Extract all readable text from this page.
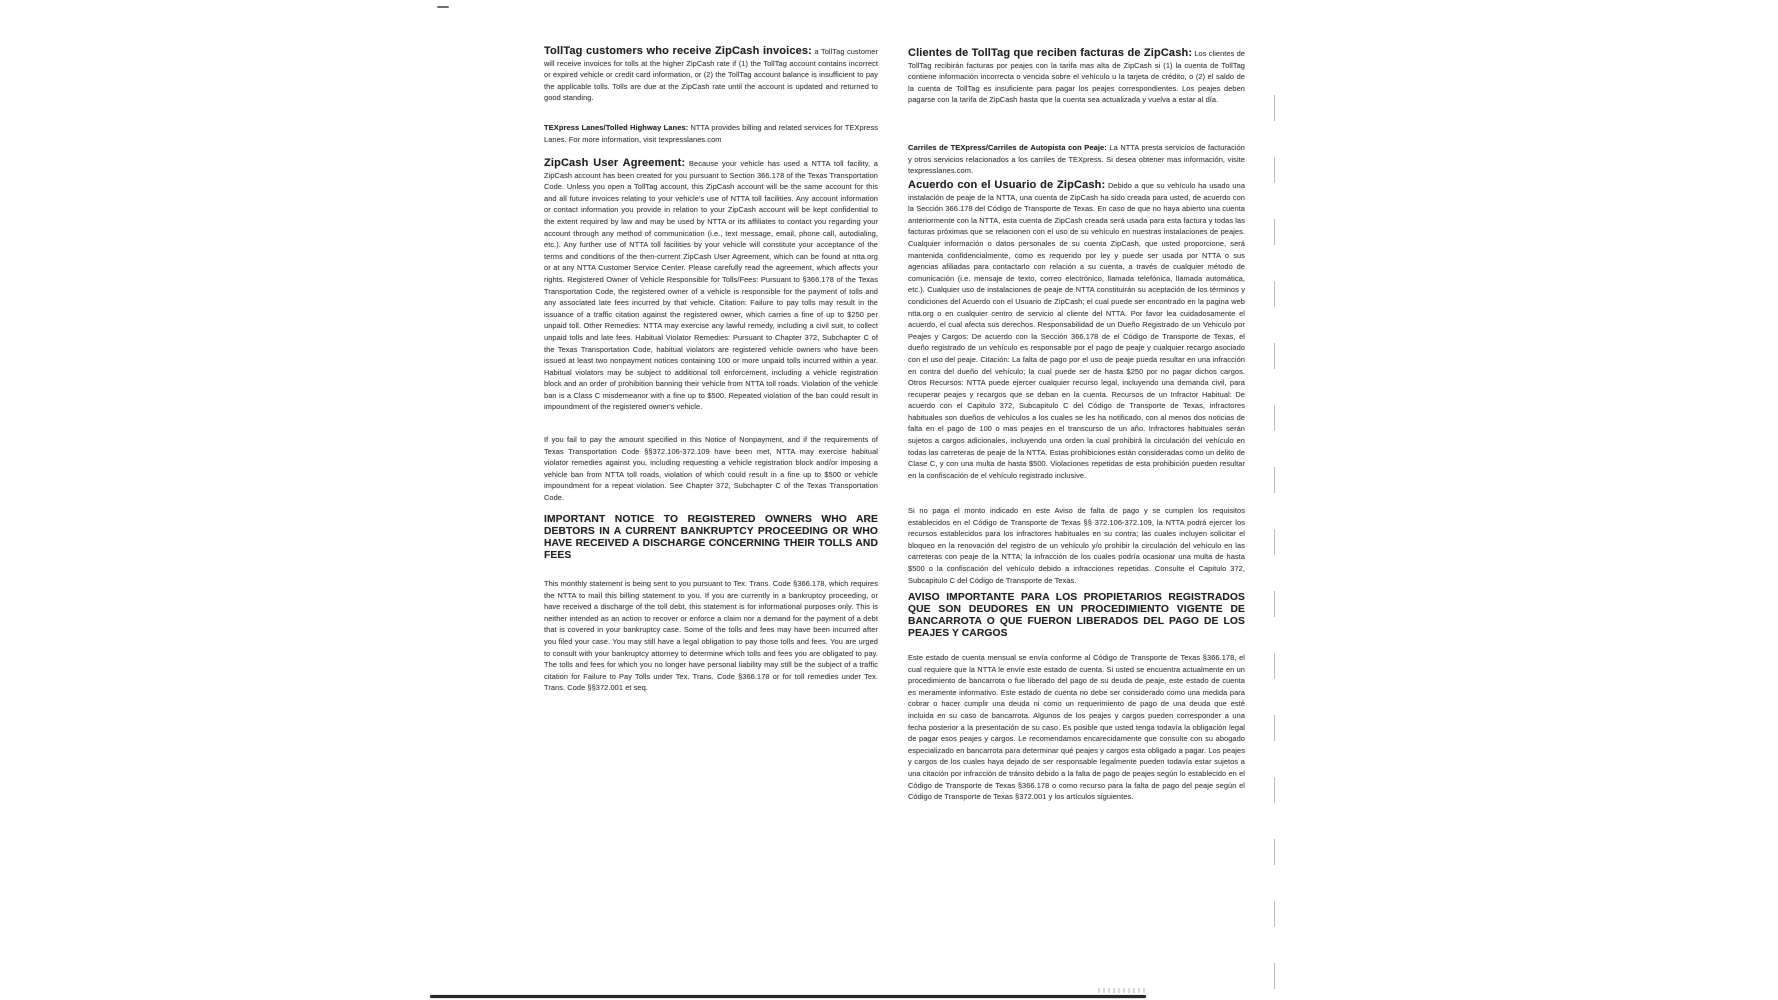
TollTag customers who receive ZipCash invoices: a TollTag customer will receive invoices for tolls at the higher ZipCash rate if (1) the TollTag account contains incorrect or expired vehicle or credit card information, or (2) the TollTag account balance is insufficient to pay the applicable tolls. Tolls are due at the ZipCash rate until the account is updated and returned to good standing.

TEXpress Lanes/Tolled Highway Lanes: NTTA provides billing and related services for TEXpress Lanes. For more information, visit texpresslanes.com

ZipCash User Agreement: Because your vehicle has used a NTTA toll facility, a ZipCash account has been created for you pursuant to Section 366.178 of the Texas Transportation Code. Unless you open a TollTag account, this ZipCash account will be the same account for this and all future invoices relating to your vehicle's use of NTTA toll facilities. Any account information or contact information you provide in relation to your ZipCash account will be kept confidential to the extent required by law and may be used by NTTA or its affiliates to contact you regarding your account through any method of communication (i.e., text message, email, phone call, autodialing, etc.). Any further use of NTTA toll facilities by your vehicle will constitute your acceptance of the terms and conditions of the then-current ZipCash User Agreement, which can be found at ntta.org or at any NTTA Customer Service Center. Please carefully read the agreement, which affects your rights. Registered Owner of Vehicle Responsible for Tolls/Fees: Pursuant to §366.178 of the Texas Transportation Code, the registered owner of a vehicle is responsible for the payment of tolls and any associated late fees incurred by that vehicle. Citation: Failure to pay tolls may result in the issuance of a traffic citation against the registered owner, which carries a fine of up to $250 per unpaid toll. Other Remedies: NTTA may exercise any lawful remedy, including a civil suit, to collect unpaid tolls and late fees. Habitual Violator Remedies: Pursuant to Chapter 372, Subchapter C of the Texas Transportation Code, habitual violators are registered vehicle owners who have been issued at least two nonpayment notices containing 100 or more unpaid tolls incurred within a year. Habitual violators may be subject to additional toll enforcement, including a vehicle registration block and an order of prohibition banning their vehicle from NTTA toll roads. Violation of the vehicle ban is a Class C misdemeanor with a fine up to $500. Repeated violation of the ban could result in impoundment of the registered owner's vehicle.

If you fail to pay the amount specified in this Notice of Nonpayment, and if the requirements of Texas Transportation Code §§372.106-372.109 have been met, NTTA may exercise habitual violator remedies against you, including requesting a vehicle registration block and/or imposing a vehicle ban from NTTA toll roads, violation of which could result in a fine up to $500 or vehicle impoundment for a repeat violation. See Chapter 372, Subchapter C of the Texas Transportation Code.

IMPORTANT NOTICE TO REGISTERED OWNERS WHO ARE DEBTORS IN A CURRENT BANKRUPTCY PROCEEDING OR WHO HAVE RECEIVED A DISCHARGE CONCERNING THEIR TOLLS AND FEES

This monthly statement is being sent to you pursuant to Tex. Trans. Code §366.178, which requires the NTTA to mail this billing statement to you. If you are currently in a bankruptcy proceeding, or have received a discharge of the toll debt, this statement is for informational purposes only. This is neither intended as an action to recover or enforce a claim nor a demand for the payment of a debt that is covered in your bankruptcy case. Some of the tolls and fees may have been incurred after you filed your case. You may still have a legal obligation to pay those tolls and fees. You are urged to consult with your bankruptcy attorney to determine which tolls and fees you are obligated to pay. The tolls and fees for which you no longer have personal liability may still be the subject of a traffic citation for Failure to Pay Tolls under Tex. Trans. Code §366.178 or for toll remedies under Tex. Trans. Code §§372.001 et seq.

Clientes de TollTag que reciben facturas de ZipCash: Los clientes de TollTag recibirán facturas por peajes con la tarifa mas alta de ZipCash si (1) la cuenta de TollTag contiene información incorrecta o vencida sobre el vehículo u la tarjeta de crédito, o (2) el saldo de la cuenta de TollTag es insuficiente para pagar los peajes correspondientes. Los peajes deben pagarse con la tarifa de ZipCash hasta que la cuenta sea actualizada y vuelva a estar al día.

Carriles de TEXpress/Carriles de Autopista con Peaje: La NTTA presta servicios de facturación y otros servicios relacionados a los carriles de TEXpress. Si desea obtener mas información, visite texpresslanes.com.

Acuerdo con el Usuario de ZipCash: Debido a que su vehículo ha usado una instalación de peaje de la NTTA, una cuenta de ZipCash ha sido creada para usted, de acuerdo con la Sección 366.178 del Código de Transporte de Texas. En caso de que no haya abierto una cuenta anteriormente con la NTTA, esta cuenta de ZipCash creada será usada para esta factura y todas las facturas próximas que se relacionen con el uso de su vehículo en nuestras instalaciones de peajes. Cualquier información o datos personales de su cuenta ZipCash, que usted proporcione, será mantenida confidencialmente, como es requerido por ley y puede ser usada por NTTA o sus agencias afiliadas para contactarlo con relación a su cuenta, a través de cualquier método de comunicación (i.e. mensaje de texto, correo electrónico, llamada telefónica, llamada automática, etc.). Cualquier uso de instalaciones de peaje de NTTA constituirán su aceptación de los términos y condiciones del Acuerdo con el Usuario de ZipCash; el cual puede ser encontrado en la pagina web ntta.org o en cualquier centro de servicio al cliente del NTTA. Por favor lea cuidadosamente el acuerdo, el cual afecta sus derechos. Responsabilidad de un Dueño Registrado de un Vehiculo por Peajes y Cargos: De acuerdo con la Sección 366.178 de el Código de Transporte de Texas, el dueño registrado de un vehículo es responsable por el pago de peaje y cualquier recargo asociado con el uso del peaje. Citación: La falta de pago por el uso de peaje pueda resultar en una infracción en contra del dueño del vehículo; la cual puede ser de hasta $250 por no pagar dichos cargos. Otros Recursos: NTTA puede ejercer cualquier recurso legal, incluyendo una demanda civil, para recuperar peajes y recargos que se deban en la cuenta. Recursos de un Infractor Habitual: De acuerdo con el Capitulo 372, Subcapitulo C del Código de Transporte de Texas, infractores habituales son dueños de vehículos a los cuales se les ha notificado, con al menos dos noticias de falta en el pago de 100 o mas peajes en el transcurso de un año. Infractores habituales serán sujetos a cargos adicionales, incluyendo una orden la cual prohibirá la circulación del vehículo en todas las carreteras de peaje de la NTTA. Estas prohibiciones están consideradas como un delito de Clase C, y con una multa de hasta $500. Violaciones repetidas de esta prohibición pueden resultar en la confiscación de el vehículo registrado inclusive.

Si no paga el monto indicado en este Aviso de falta de pago y se cumplen los requisitos establecidos en el Código de Transporte de Texas §§ 372.106-372.109, la NTTA podrá ejercer los recursos establecidos para los infractores habituales en su contra; las cuales incluyen solicitar el bloqueo en la renovación del registro de un vehículo y/o prohibir la circulación del vehículo en las carreteras con peaje de la NTTA; la infracción de los cuales podría ocasionar una multa de hasta $500 o la confiscación del vehículo debido a infracciones repetidas. Consulte el Capitulo 372, Subcapitulo C del Código de Transporte de Texas.

AVISO IMPORTANTE PARA LOS PROPIETARIOS REGISTRADOS QUE SON DEUDORES EN UN PROCEDIMIENTO VIGENTE DE BANCARROTA O QUE FUERON LIBERADOS DEL PAGO DE LOS PEAJES Y CARGOS

Este estado de cuenta mensual se envía conforme al Código de Transporte de Texas §366.178, el cual requiere que la NTTA le envíe este estado de cuenta. Si usted se encuentra actualmente en un procedimiento de bancarrota o fue liberado del pago de su deuda de peaje, este estado de cuenta es meramente informativo. Este estado de cuenta no debe ser considerado como una medida para cobrar o hacer cumplir una deuda ni como un requerimiento de pago de una deuda que esté incluida en su caso de bancarrota. Algunos de los peajes y cargos pueden corresponder a una fecha posterior a la presentación de su caso. Es posible que usted tenga todavía la obligación legal de pagar esos peajes y cargos. Le recomendamos encarecidamente que consulte con su abogado especializado en bancarrota para determinar qué peajes y cargos esta obligado a pagar. Los peajes y cargos de los cuales haya dejado de ser responsable legalmente pueden todavía estar sujetos a una citación por infracción de tránsito debido a la falta de pago de peajes según lo establecido en el Código de Transporte de Texas §366.178 o como recurso para la falta de pago del peaje según el Código de Transporte de Texas §372.001 y los artículos siguientes.
